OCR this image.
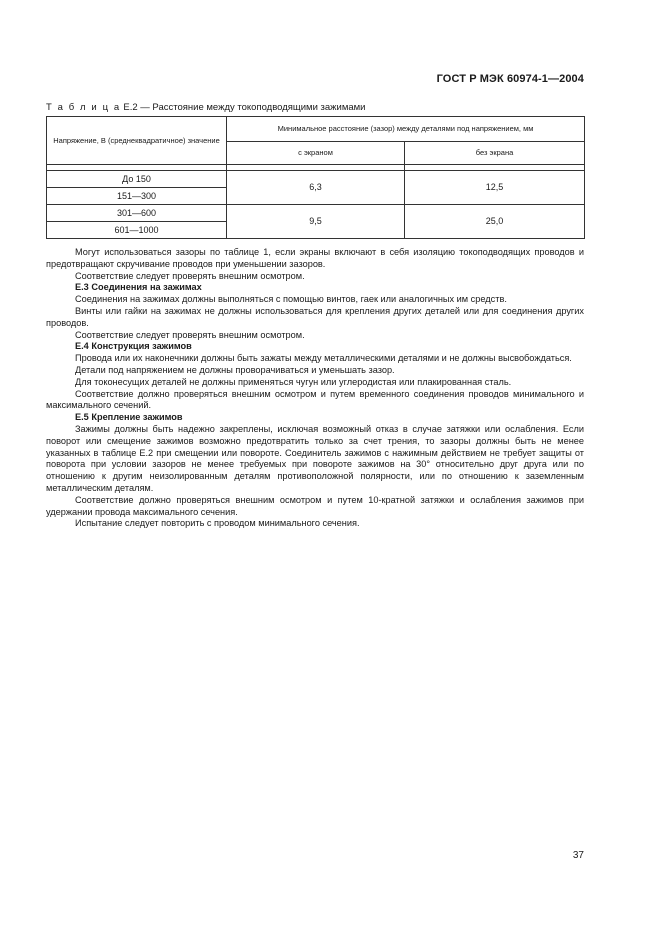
ГОСТ Р МЭК 60974-1—2004
Т а б л и ц а Е.2 — Расстояние между токоподводящими зажимами
Напряжение, В (среднеквадратичное) значение	Минимальное расстояние (зазор) между деталями под напряжением, мм	
	с экраном	без экрана

До 150	6,3	12,5
151—300		
301—600	9,5	25,0
601—1000		

Могут использоваться зазоры по таблице 1, если экраны включают в себя изоляцию токоподводящих проводов и предотвращают скручивание проводов при уменьшении зазоров.

Соответствие следует проверять внешним осмотром.

Е.3 Соединения на зажимах

Соединения на зажимах должны выполняться с помощью винтов, гаек или аналогичных им средств.

Винты или гайки на зажимах не должны использоваться для крепления других деталей или для соединения других проводов.

Соответствие следует проверять внешним осмотром.

Е.4 Конструкция зажимов

Провода или их наконечники должны быть зажаты между металлическими деталями и не должны высвобождаться.

Детали под напряжением не должны проворачиваться и уменьшать зазор.

Для токонесущих деталей не должны применяться чугун или углеродистая или плакированная сталь.

Соответствие должно проверяться внешним осмотром и путем временного соединения проводов минимального и максимального сечений.

Е.5 Крепление зажимов

Зажимы должны быть надежно закреплены, исключая возможный отказ в случае затяжки или ослабления. Если поворот или смещение зажимов возможно предотвратить только за счет трения, то зазоры должны быть не менее указанных в таблице Е.2 при смещении или повороте. Соединитель зажимов с нажимным действием не требует защиты от поворота при условии зазоров не менее требуемых при повороте зажимов на 30° относительно друг друга или по отношению к другим неизолированным деталям противоположной полярности, или по отношению к заземленным металлическим деталям.

Соответствие должно проверяться внешним осмотром и путем 10-кратной затяжки и ослабления зажимов при удержании провода максимального сечения.

Испытание следует повторить с проводом минимального сечения.

37
